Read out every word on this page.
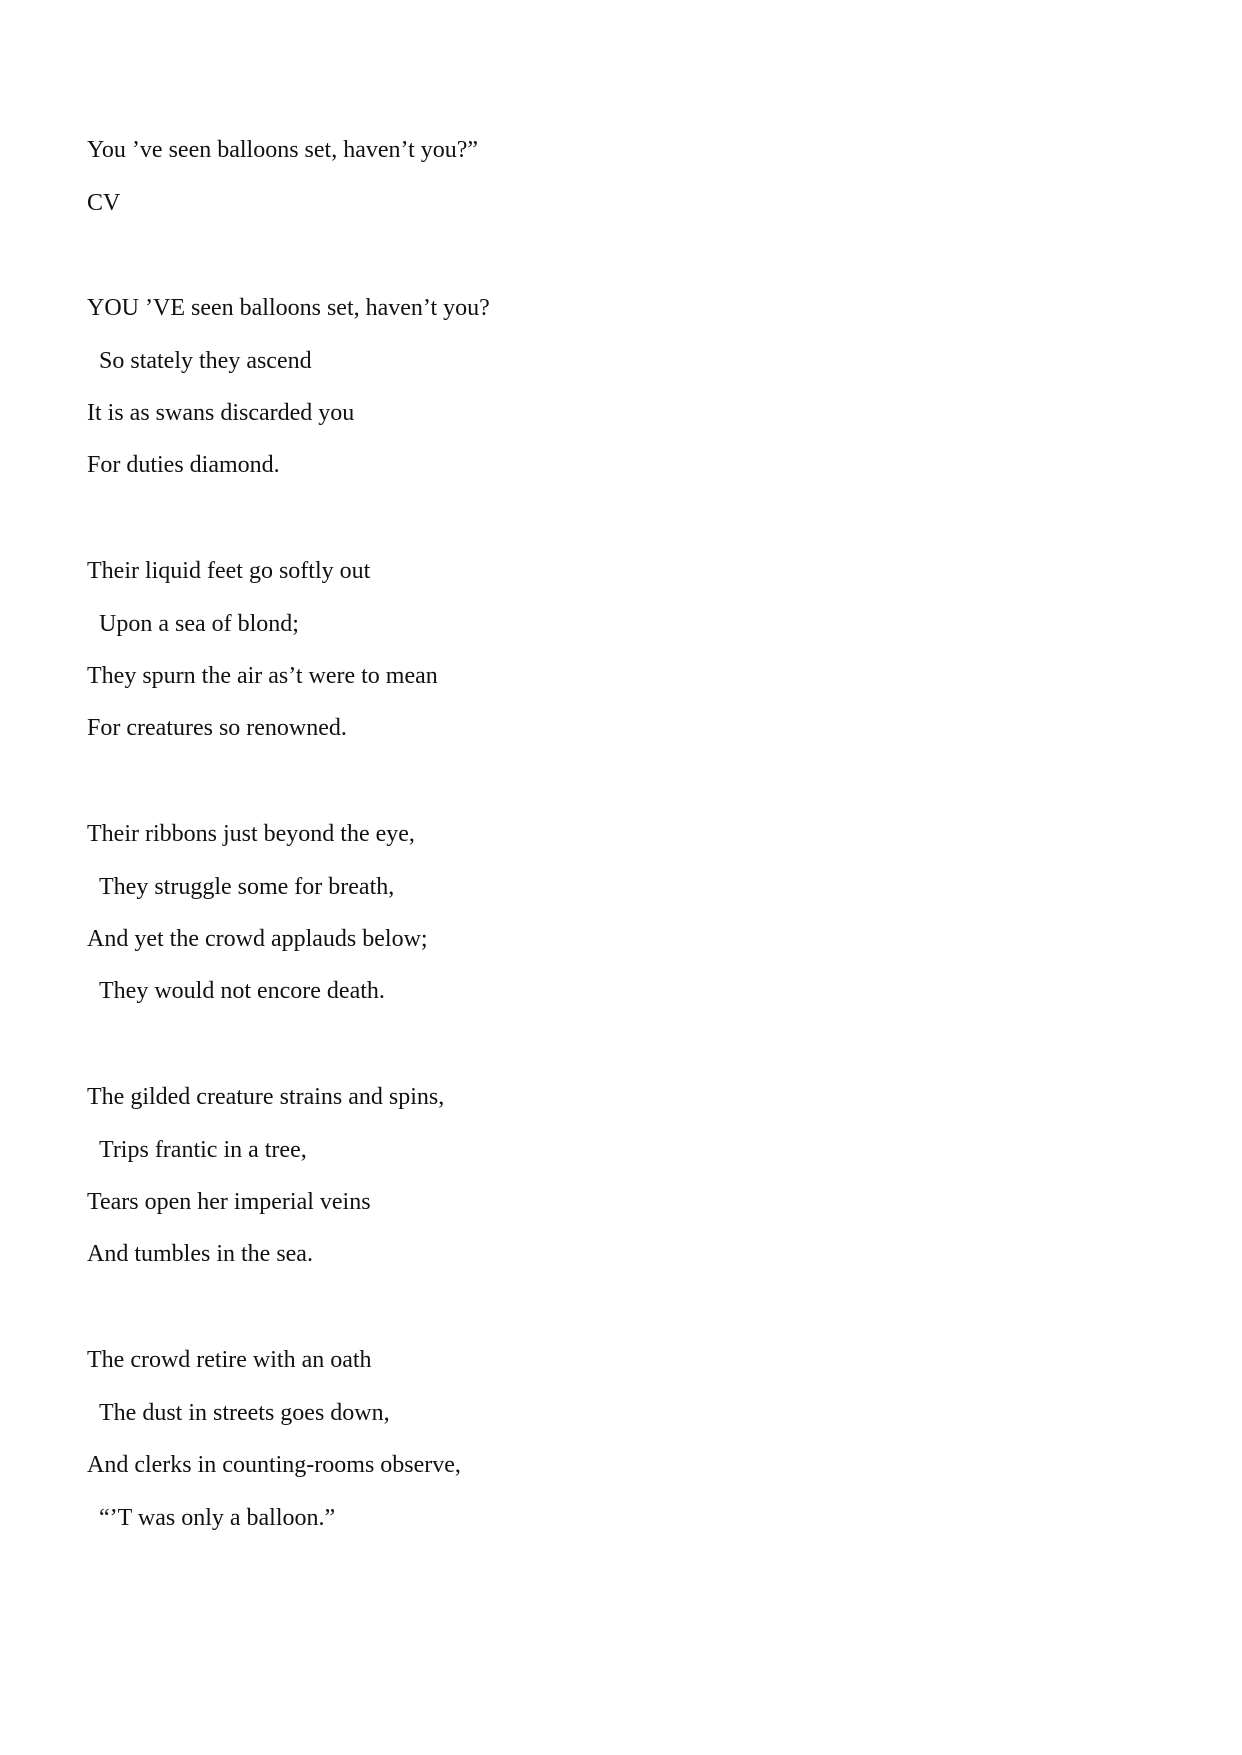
You ’ve seen balloons set, haven’t you?”
CV
YOU ’VE seen balloons set, haven’t you?
So stately they ascend
It is as swans discarded you
For duties diamond.
Their liquid feet go softly out
Upon a sea of blond;
They spurn the air as’t were to mean
For creatures so renowned.
Their ribbons just beyond the eye,
They struggle some for breath,
And yet the crowd applauds below;
They would not encore death.
The gilded creature strains and spins,
Trips frantic in a tree,
Tears open her imperial veins
And tumbles in the sea.
The crowd retire with an oath
The dust in streets goes down,
And clerks in counting-rooms observe,
“’T was only a balloon.”
